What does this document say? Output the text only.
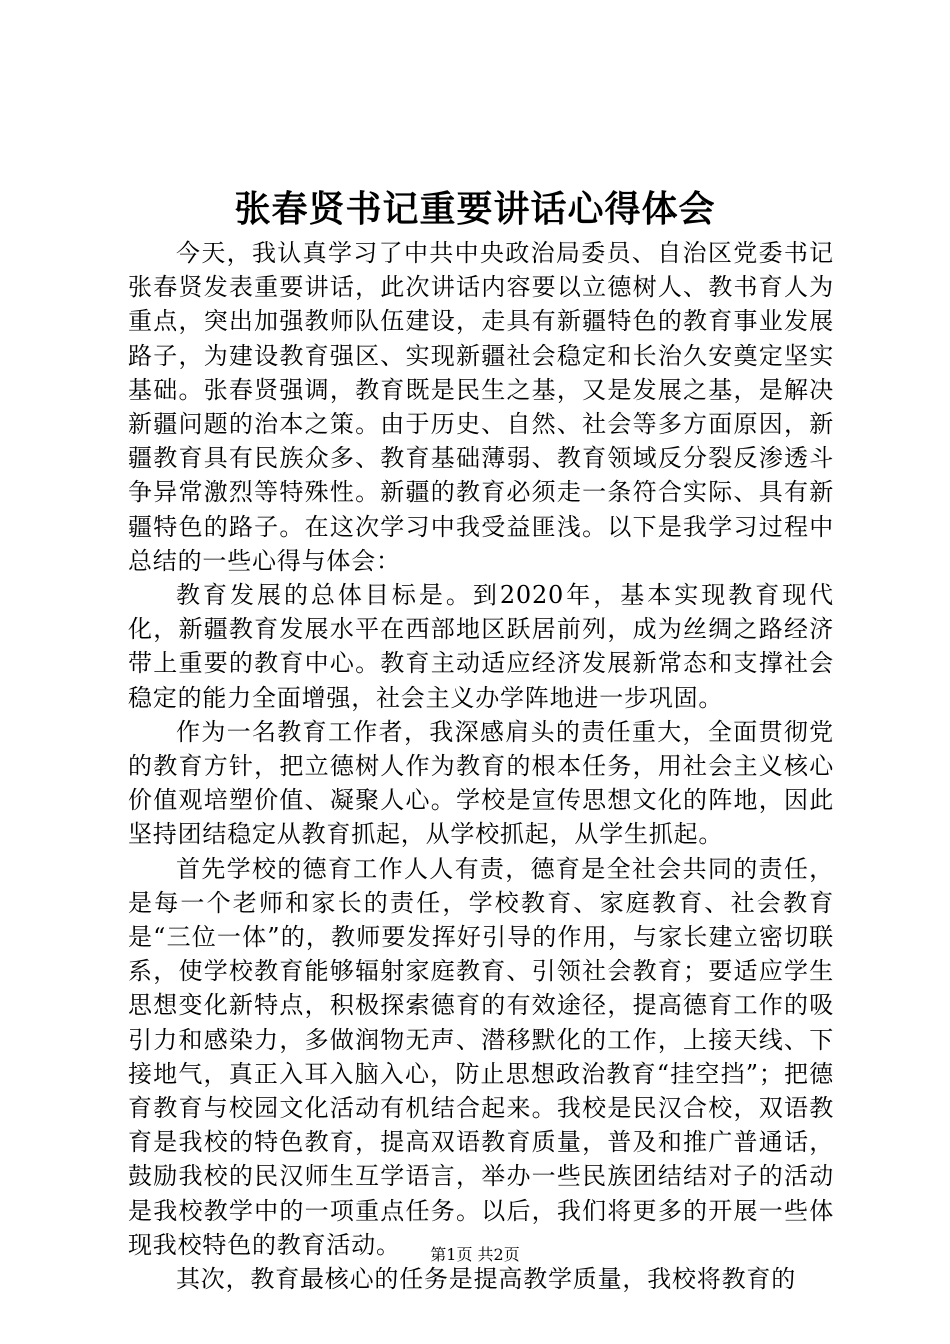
张春贤书记重要讲话心得体会

今天，我认真学习了中共中央政治局委员、自治区党委书记张春贤发表重要讲话，此次讲话内容要以立德树人、教书育人为重点，突出加强教师队伍建设，走具有新疆特色的教育事业发展路子，为建设教育强区、实现新疆社会稳定和长治久安奠定坚实基础。张春贤强调，教育既是民生之基，又是发展之基，是解决新疆问题的治本之策。由于历史、自然、社会等多方面原因，新疆教育具有民族众多、教育基础薄弱、教育领域反分裂反渗透斗争异常激烈等特殊性。新疆的教育必须走一条符合实际、具有新疆特色的路子。在这次学习中我受益匪浅。以下是我学习过程中总结的一些心得与体会：

教育发展的总体目标是。到2020年，基本实现教育现代化，新疆教育发展水平在西部地区跃居前列，成为丝绸之路经济带上重要的教育中心。教育主动适应经济发展新常态和支撑社会稳定的能力全面增强，社会主义办学阵地进一步巩固。

作为一名教育工作者，我深感肩头的责任重大，全面贯彻党的教育方针，把立德树人作为教育的根本任务，用社会主义核心价值观培塑价值、凝聚人心。学校是宣传思想文化的阵地，因此坚持团结稳定从教育抓起，从学校抓起，从学生抓起。

首先学校的德育工作人人有责，德育是全社会共同的责任，是每一个老师和家长的责任，学校教育、家庭教育、社会教育是“三位一体”的，教师要发挥好引导的作用，与家长建立密切联系，使学校教育能够辐射家庭教育、引领社会教育；要适应学生思想变化新特点，积极探索德育的有效途径，提高德育工作的吸引力和感染力，多做润物无声、潜移默化的工作，上接天线、下接地气，真正入耳入脑入心，防止思想政治教育“挂空挡”；把德育教育与校园文化活动有机结合起来。我校是民汉合校，双语教育是我校的特色教育，提高双语教育质量，普及和推广普通话，鼓励我校的民汉师生互学语言，举办一些民族团结结对子的活动是我校教学中的一项重点任务。以后，我们将更多的开展一些体现我校特色的教育活动。

其次，教育最核心的任务是提高教学质量，我校将教育的

第1页 共2页
